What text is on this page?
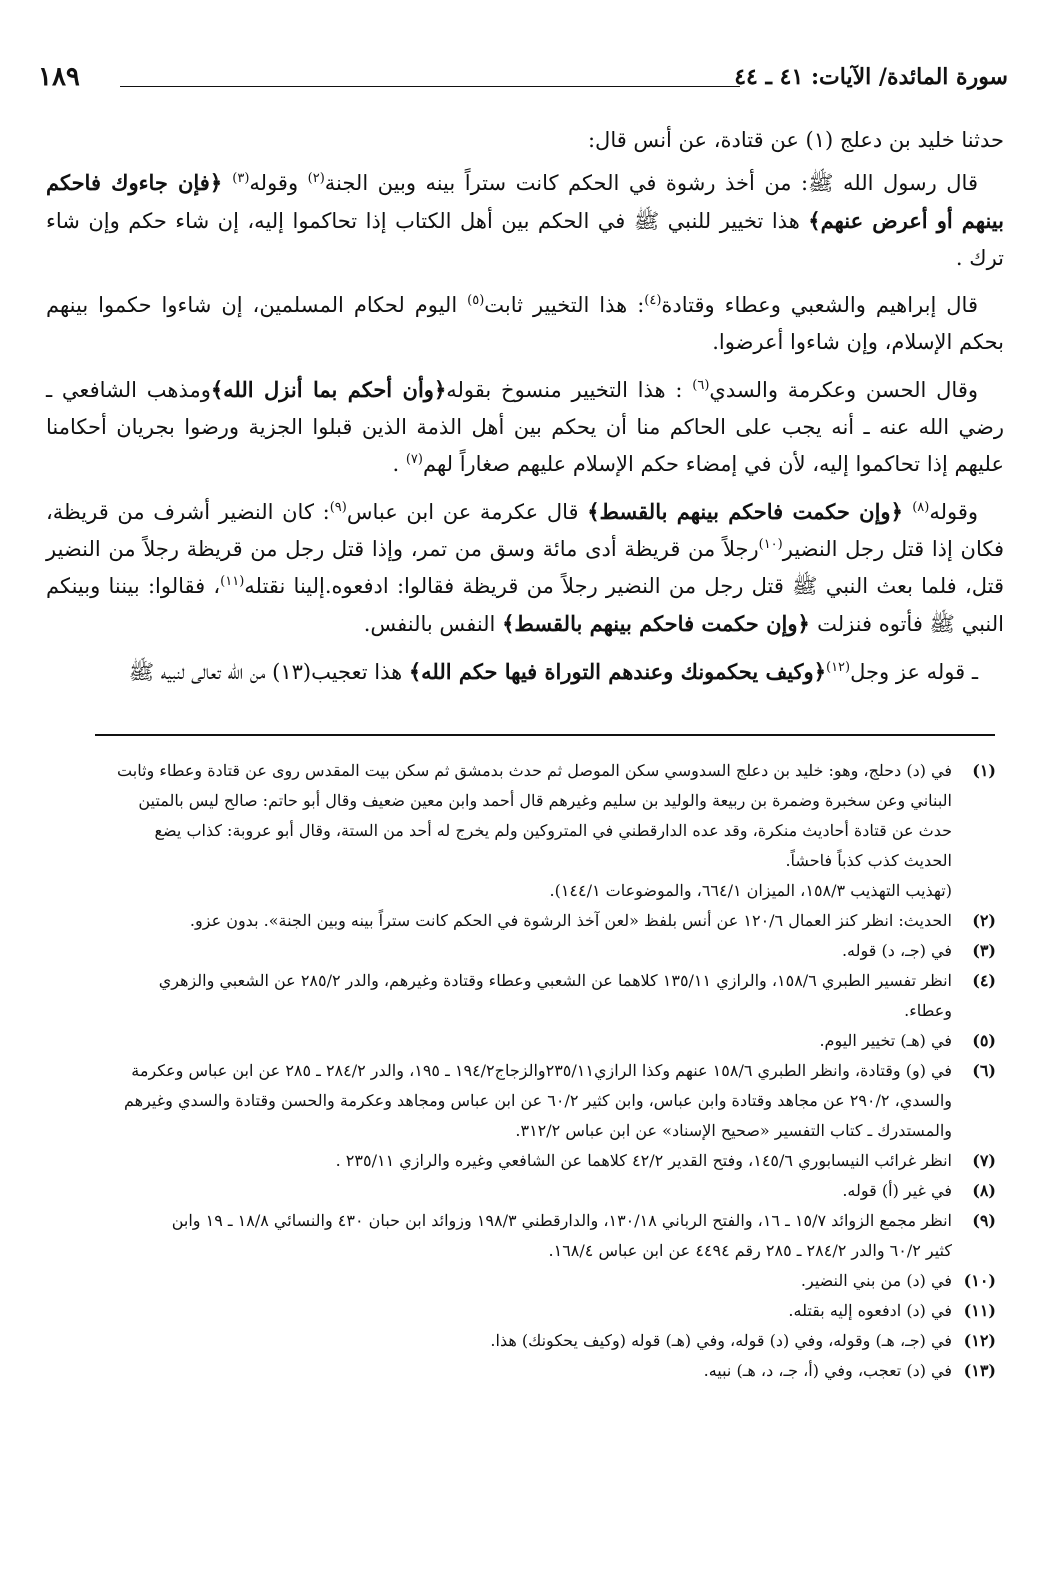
١٨٩	سورة المائدة/ الآيات: ٤١ ـ ٤٤

حدثنا خليد بن دعلج (١) عن قتادة، عن أنس قال:

قال رسول الله ﷺ: من أخذ رشوة في الحكم كانت ستراً بينه وبين الجنة$^{(٢)}$ وقوله$^{(٣)}$ ﴿فإن جاءوك فاحكم بينهم أو أعرض عنهم﴾ هذا تخيير للنبي ﷺ في الحكم بين أهل الكتاب إذا تحاكموا إليه، إن شاء حكم وإن شاء ترك .

قال إبراهيم والشعبي وعطاء وقتادة$^{(٤)}$: هذا التخيير ثابت$^{(٥)}$ اليوم لحكام المسلمين، إن شاءوا حكموا بينهم بحكم الإسلام، وإن شاءوا أعرضوا.

وقال الحسن وعكرمة والسدي$^{(٦)}$ : هذا التخيير منسوخ بقوله﴿وأن أحكم بما أنزل الله﴾ومذهب الشافعي ـ رضي الله عنه ـ أنه يجب على الحاكم منا أن يحكم بين أهل الذمة الذين قبلوا الجزية ورضوا بجريان أحكامنا عليهم إذا تحاكموا إليه، لأن في إمضاء حكم الإسلام عليهم صغاراً لهم$^{(٧)}$ .

وقوله$^{(٨)}$ ﴿وإن حكمت فاحكم بينهم بالقسط﴾ قال عكرمة عن ابن عباس$^{(٩)}$: كان النضير أشرف من قريظة، فكان إذا قتل رجل النضير$^{(١٠)}$رجلاً من قريظة أدى مائة وسق من تمر، وإذا قتل رجل من قريظة رجلاً من النضير قتل، فلما بعث النبي ﷺ قتل رجل من النضير رجلاً من قريظة فقالوا: ادفعوه.إلينا نقتله$^{(١١)}$، فقالوا: بيننا وبينكم النبي ﷺ فأتوه فنزلت ﴿وإن حكمت فاحكم بينهم بالقسط﴾ النفس بالنفس.

ـ قوله عز وجل$^{(١٢)}$﴿وكيف يحكمونك وعندهم التوراة فيها حكم الله﴾ هذا تعجيب(١٣) من الله تعالى لنبيه ﷺ

(١)
في (د) دحلج، وهو: خليد بن دعلج السدوسي سكن الموصل ثم حدث بدمشق ثم سكن بيت المقدس روى عن قتادة وعطاء وثابت
البناني وعن سخبرة وضمرة بن ربيعة والوليد بن سليم وغيرهم قال أحمد وابن معين ضعيف وقال أبو حاتم: صالح ليس بالمتين
حدث عن قتادة أحاديث منكرة، وقد عده الدارقطني في المتروكين ولم يخرج له أحد من الستة، وقال أبو عروبة: كذاب يضع
الحديث كذب كذباً فاحشاً.
(تهذيب التهذيب ١٥٨/٣، الميزان ٦٦٤/١، والموضوعات ١٤٤/١).
(٢)
الحديث: انظر كنز العمال ١٢٠/٦ عن أنس بلفظ «لعن آخذ الرشوة في الحكم كانت ستراً بينه وبين الجنة». بدون عزو.
(٣)
في (جـ، د) قوله.
(٤)
انظر تفسير الطبري ١٥٨/٦، والرازي ١٣٥/١١ كلاهما عن الشعبي وعطاء وقتادة وغيرهم، والدر ٢٨٥/٢ عن الشعبي والزهري
وعطاء.
(٥)
في (هـ) تخيير اليوم.
(٦)
في (و) وقتادة، وانظر الطبري ١٥٨/٦ عنهم وكذا الرازي٢٣٥/١١والزجاج١٩٤/٢ ـ ١٩٥، والدر ٢٨٤/٢ ـ ٢٨٥ عن ابن عباس وعكرمة
والسدي، ٢٩٠/٢ عن مجاهد وقتادة وابن عباس، وابن كثير ٦٠/٢ عن ابن عباس ومجاهد وعكرمة والحسن وقتادة والسدي وغيرهم
والمستدرك ـ كتاب التفسير «صحيح الإسناد» عن ابن عباس ٣١٢/٢.
(٧)
انظر غرائب النيسابوري ١٤٥/٦، وفتح القدير ٤٢/٢ كلاهما عن الشافعي وغيره والرازي ٢٣٥/١١ .
(٨)
في غير (أ) قوله.
(٩)
انظر مجمع الزوائد ١٥/٧ ـ ١٦، والفتح الرباني ١٣٠/١٨، والدارقطني ١٩٨/٣ وزوائد ابن حبان ٤٣٠ والنسائي ١٨/٨ ـ ١٩ وابن
كثير ٦٠/٢ والدر ٢٨٤/٢ ـ ٢٨٥ رقم ٤٤٩٤ عن ابن عباس ١٦٨/٤.
(١٠)
في (د) من بني النضير.
(١١)
في (د) ادفعوه إليه بقتله.
(١٢)
في (جـ، هـ) وقوله، وفي (د) قوله، وفي (هـ) قوله (وكيف يحكونك) هذا.
(١٣)
في (د) تعجب، وفي (أ، جـ، د، هـ) نبيه.
